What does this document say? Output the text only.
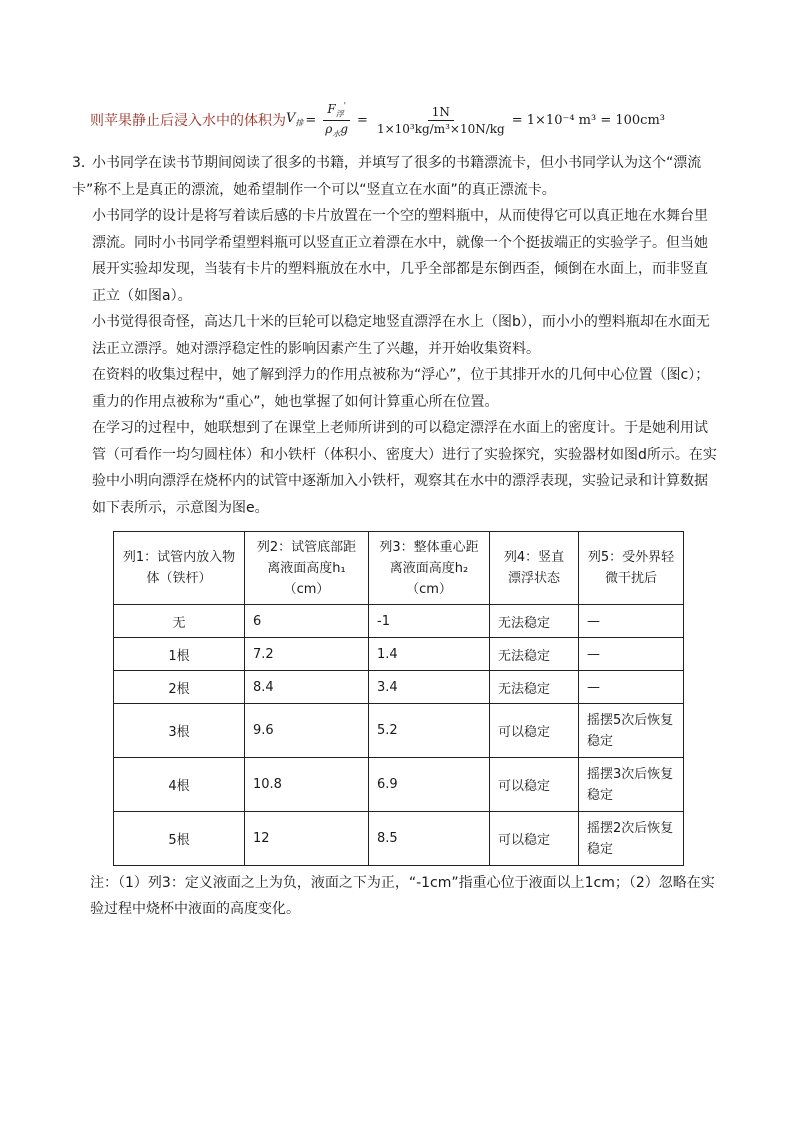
则苹果静止后浸入水中的体积为 $V_排 = \frac{F_浮'}{\rho_水g} = \frac{1N}{\text{1×10³kg/m³×10N/kg}} = 1\times 10^{-4}$ m³ = 100cm³

3．小书同学在读书节期间阅读了很多的书籍，并填写了很多的书籍漂流卡，但小书同学认为这个“漂流卡”称不上是真正的漂流，她希望制作一个可以“竖直立在水面”的真正漂流卡。

小书同学的设计是将写着读后感的卡片放置在一个空的塑料瓶中，从而使得它可以真正地在水舞台里漂流。同时小书同学希望塑料瓶可以竖直正立着漂在水中，就像一个个挺拔端正的实验学子。但当她展开实验却发现，当装有卡片的塑料瓶放在水中，几乎全部都是东倒西歪，倾倒在水面上，而非竖直正立（如图a）。

小书觉得很奇怪，高达几十米的巨轮可以稳定地竖直漂浮在水上（图b），而小小的塑料瓶却在水面无法正立漂浮。她对漂浮稳定性的影响因素产生了兴趣，并开始收集资料。

在资料的收集过程中，她了解到浮力的作用点被称为“浮心”，位于其排开水的几何中心位置（图c）；重力的作用点被称为“重心”，她也掌握了如何计算重心所在位置。

在学习的过程中，她联想到了在课堂上老师所讲到的可以稳定漂浮在水面上的密度计。于是她利用试管（可看作一均匀圆柱体）和小铁杆（体积小、密度大）进行了实验探究，实验器材如图d所示。在实验中小明向漂浮在烧杯内的试管中逐渐加入小铁杆，观察其在水中的漂浮表现，实验记录和计算数据如下表所示，示意图为图e。

列1：试管内放入物体（铁杆）	列2：试管底部距离液面高度h₁（cm）	列3：整体重心距离液面高度h₂（cm）	列4：竖直漂浮状态	列5：受外界轻微干扰后
无	6	-1	无法稳定	—
1根	7.2	1.4	无法稳定	—
2根	8.4	3.4	无法稳定	—
3根	9.6	5.2	可以稳定	摇摆5次后恢复稳定
4根	10.8	6.9	可以稳定	摇摆3次后恢复稳定
5根	12	8.5	可以稳定	摇摆2次后恢复稳定

注：（1）列3：定义液面之上为负，液面之下为正，“-1cm”指重心位于液面以上1cm；（2）忽略在实验过程中烧杯中液面的高度变化。
